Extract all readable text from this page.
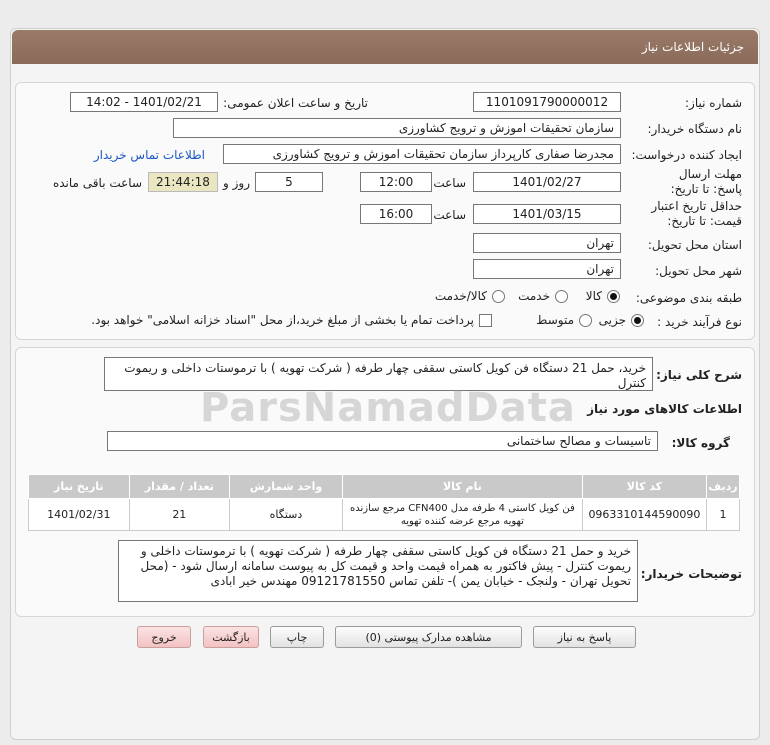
جزئیات اطلاعات نیاز
شماره نیاز:
1101091790000012
تاریخ و ساعت اعلان عمومی:
1401/02/21 - 14:02
نام دستگاه خریدار:
سازمان تحقیقات اموزش و ترویج کشاورزی
ایجاد کننده درخواست:
مجدرضا صفاری کارپرداز سازمان تحقیقات اموزش و ترویج کشاورزی
اطلاعات تماس خریدار
مهلت ارسال پاسخ: تا تاریخ:
1401/02/27
ساعت
12:00
5
روز و
21:44:18
ساعت باقی مانده
حداقل تاریخ اعتبار قیمت: تا تاریخ:
1401/03/15
ساعت
16:00
استان محل تحویل:
تهران
شهر محل تحویل:
تهران
طبقه بندی موضوعی:
کالا
خدمت
کالا/خدمت
نوع فرآیند خرید :
جزیی
متوسط
پرداخت تمام یا بخشی از مبلغ خرید،از محل "اسناد خزانه اسلامی" خواهد بود.
شرح کلی نیاز:
خرید، حمل 21 دستگاه فن کویل کاستی سقفی چهار طرفه ( شرکت تهویه ) با ترموستات داخلی و ریموت کنترل
اطلاعات کالاهای مورد نیاز
گروه کالا:
تاسیسات و مصالح ساختمانی
ردیف	کد کالا	نام کالا	واحد شمارش	تعداد / مقدار	تاریخ نیاز
1	0963310144590090	فن کویل کاستی 4 طرفه مدل CFN400 مرجع سازنده تهویه مرجع عرضه کننده تهویه	دستگاه	21	1401/02/31
توضیحات خریدار:
خرید و حمل 21 دستگاه فن کویل کاستی سقفی چهار طرفه ( شرکت تهویه ) با ترموستات داخلی و ریموت کنترل - پیش فاکتور به همراه قیمت واحد و قیمت کل به پیوست سامانه ارسال شود - (محل تحویل تهران - ولنجک - خیابان یمن )- تلفن تماس 09121781550 مهندس خیر ابادی
ParsNamadData
پاسخ به نیاز
مشاهده مدارک پیوستی (0)
چاپ
بازگشت
خروج
